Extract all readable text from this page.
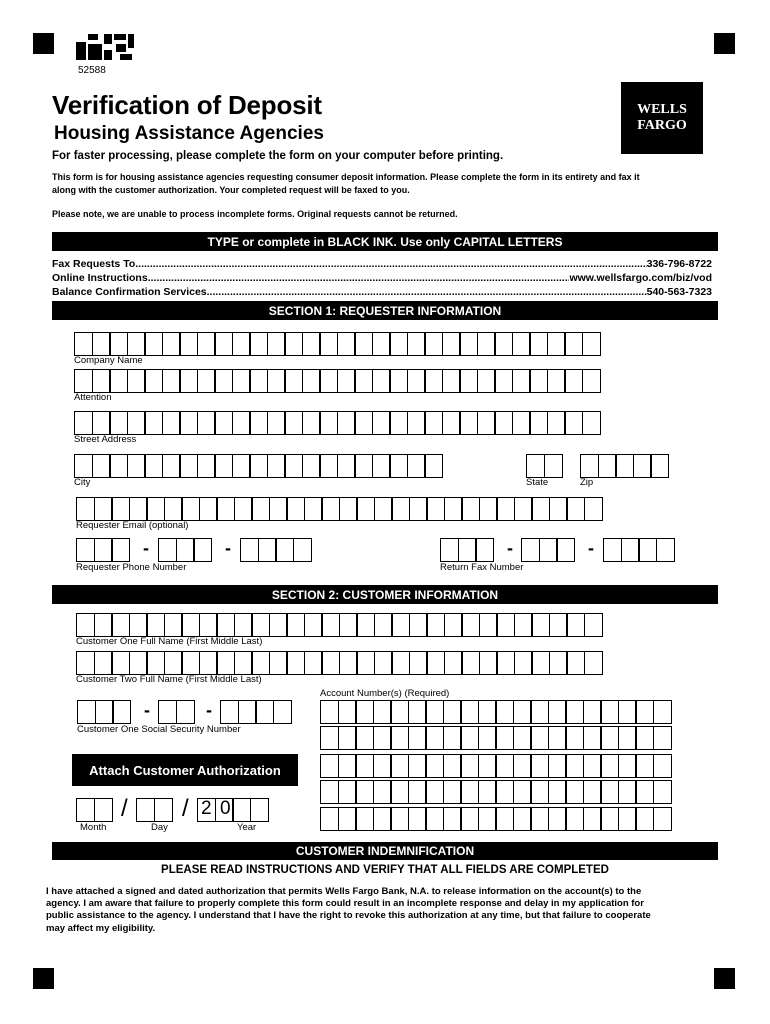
52588
Verification of Deposit
Housing Assistance Agencies
WELLS
FARGO
For faster processing, please complete the form on your computer before printing.
This form is for housing assistance agencies requesting consumer deposit information. Please complete the form in its entirety and fax it
along with the customer authorization. Your completed request will be faxed to you.
Please note, we are unable to process incomplete forms. Original requests cannot be returned.
TYPE or complete in BLACK INK. Use only CAPITAL LETTERS
Fax Requests To .....	336-796-8722
Online Instructions .....	www.wellsfargo.com/biz/vod
Balance Confirmation Services .....	540-563-7323
SECTION 1: REQUESTER INFORMATION
Company Name
Attention
Street Address
City	State	Zip
Requester Email (optional)
-	-
Requester Phone Number
-	-
Return Fax Number
SECTION 2: CUSTOMER INFORMATION
Customer One Full Name (First Middle Last)
Customer Two Full Name (First Middle Last)
Account Number(s) (Required)
-	-
Customer One Social Security Number
Attach Customer Authorization
/ / 2 0
Month	Day	Year
CUSTOMER INDEMNIFICATION
PLEASE READ INSTRUCTIONS AND VERIFY THAT ALL FIELDS ARE COMPLETED
I have attached a signed and dated authorization that permits Wells Fargo Bank, N.A. to release information on the account(s) to the
agency. I am aware that failure to properly complete this form could result in an incomplete response and delay in my application for
public assistance to the agency. I understand that I have the right to revoke this authorization at any time, but that failure to cooperate
may affect my eligibility.
